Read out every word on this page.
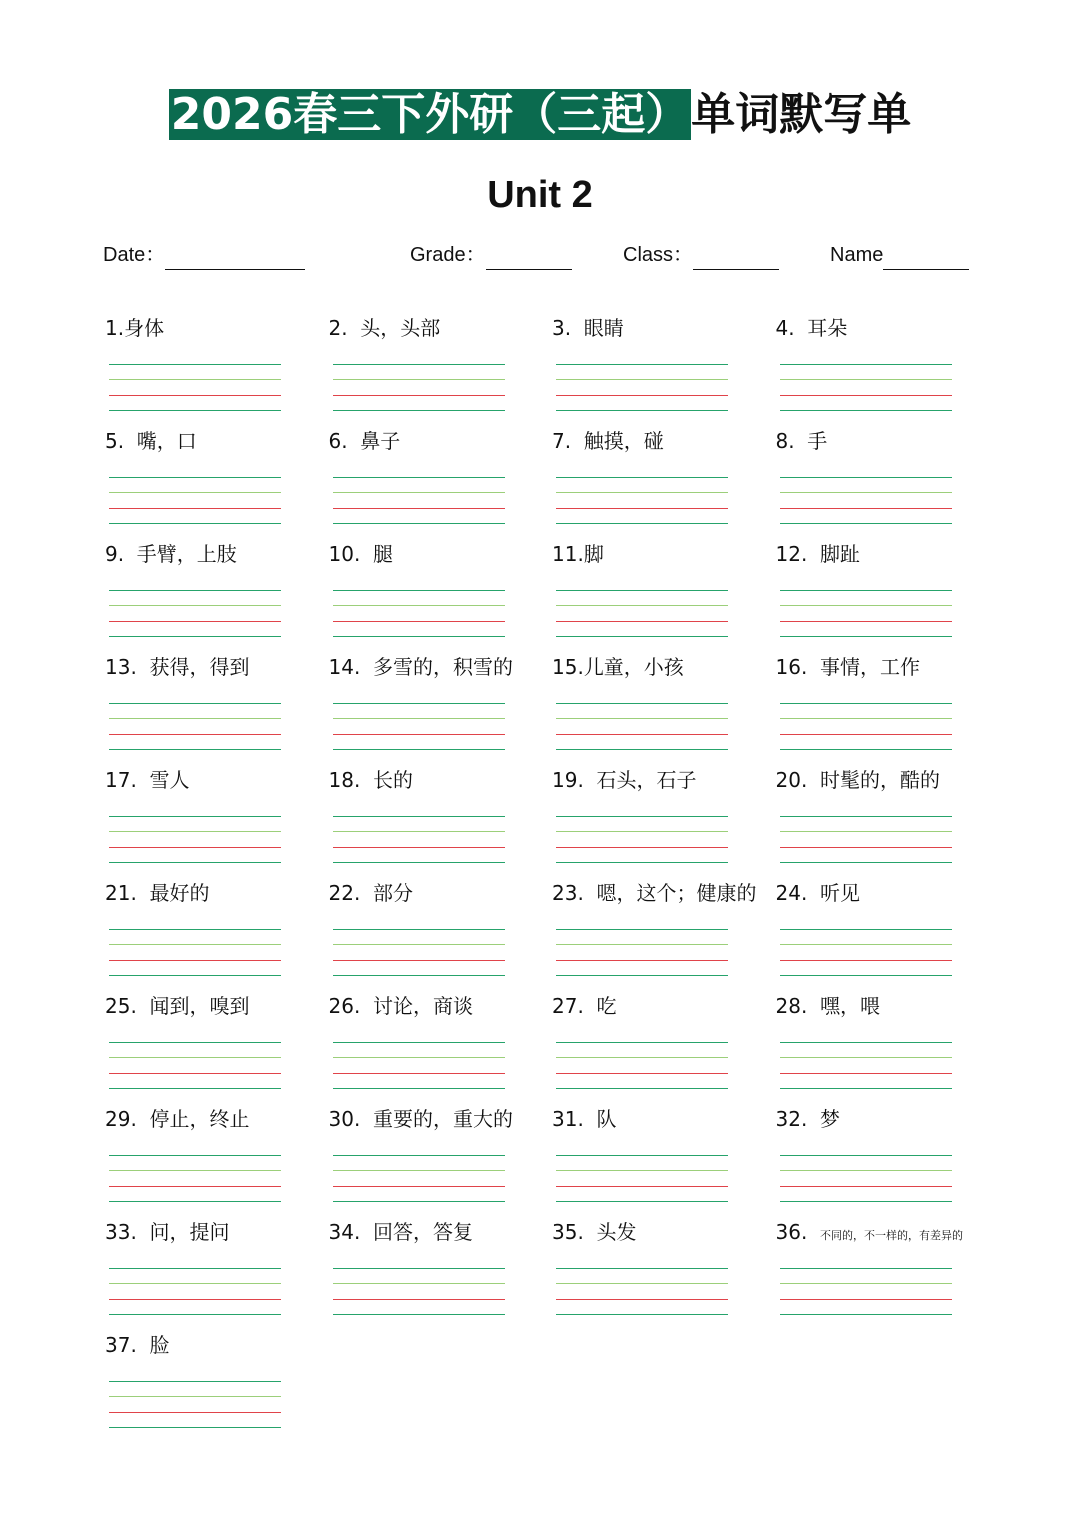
2026春三下外研（三起）单词默写单
Unit 2
Date：	Grade：	Class：	Name
1.身体	2.  头，头部	3.  眼睛	4.  耳朵
5.  嘴，口	6.  鼻子	7.  触摸，碰	8.  手
9.  手臂，上肢	10.  腿	11.脚	12.  脚趾
13.  获得，得到	14.  多雪的，积雪的 15.儿童，小孩	16.  事情，工作
17.  雪人	18.  长的	19.  石头，石子	20.  时髦的，酷的
21.  最好的	22.  部分	23.  嗯，这个；健康的 24.  听见
25.  闻到，嗅到	26.  讨论，商谈	27.  吃	28.  嘿，喂
29.  停止，终止	30.  重要的，重大的 31.  队	32.  梦
33.  问，提问	34.  回答，答复	35.  头发	36.  不同的，不一样的，有差异的
37.  脸
